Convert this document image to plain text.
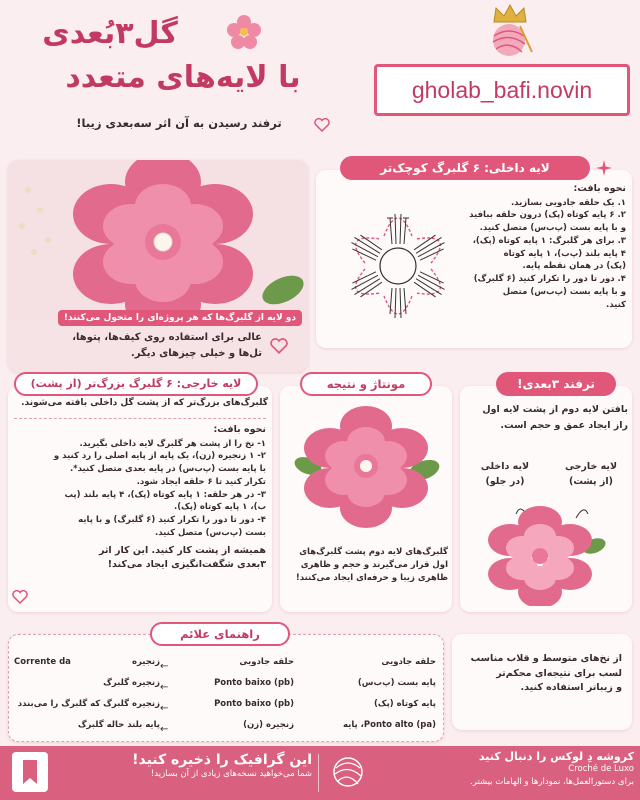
گل۳بُعدی
با لایه‌های متعدد
ترفند رسیدن به آن اثر سه‌بعدی زیبا!
gholab_bafi.novin
دو لایه از گلبرگ‌ها که هر پروژه‌ای را متحول می‌کنند!
عالی برای استفاده روی کیف‌ها، پتوها،
تل‌ها و خیلی چیزهای دیگر.
لایه داخلی: ۶ گلبرگ کوچک‌تر
نحوه بافت:
۱. یک حلقه جادویی بسازید.
۲. ۶ پایه کوتاه (پک) درون حلقه ببافید
و با پایه بست (پ‌ب‌س) متصل کنید.
۳. برای هر گلبرگ: ۱ پایه کوتاه (پک)،
۴ پایه بلند (پ‌ب)، ۱ پایه کوتاه
(پک) در همان نقطه پایه.
۴. دور تا دور را تکرار کنید (۶ گلبرگ)
و با پایه بست (پ‌ب‌س) متصل
کنید.
لایه خارجی: ۶ گلبرگ بزرگ‌تر (از پشت)
گلبرگ‌های بزرگ‌تر که از پشت گل داخلی بافته می‌شوند.
نحوه بافت:
۱- نخ را از پشت هر گلبرگ لایه داخلی بگیرید.
۲- ۱ زنجیره (زن)، یک پایه از پایه اصلی را رد کنید و
با پایه بست (پ‌ب‌س) در پایه بعدی متصل کنید*.
تکرار کنید تا ۶ حلقه ایجاد شود.
۳- در هر حلقه: ۱ پایه کوتاه (پک)، ۴ پایه بلند (پب
ب)، ۱ پایه کوتاه (پک).
۴- دور تا دور را تکرار کنید (۶ گلبرگ) و با پایه
بست (پ‌ب‌س) متصل کنید.
همیشه از پشت کار کنید. این کار اثر
۳بعدی شگفت‌انگیزی ایجاد می‌کند!
مونتاژ و نتیجه
گلبرگ‌های لایه دوم پشت گلبرگ‌های
اول قرار می‌گیرند و حجم و ظاهری
ظاهری زیبا و حرفه‌ای ایجاد می‌کنند!
ترفند ۳بعدی!
بافتن لایه دوم از پشت لایه اول
راز ایجاد عمق و حجم است.
لایه خارجی
(از پشت)
لایه داخلی
(در جلو)
راهنمای علائم
حلقه جادویی
پایه بست (پ‌ب‌س)
پایه کوتاه (پک)
Ponto alto (pa)، پایه
حلقه جادویی
Ponto baixo (pb)
Ponto baixo (pb)
زنجیره (زن)
←
←
←
←
Corrente da	زنجیره
زنجیره گلبرگ
زنجیره گلبرگ که گلبرگ را می‌بندد
پایه بلند حاله گلبرگ
از نخ‌های متوسط و قلاب مناسب
لسب برای نتیجه‌ای محکم‌تر
و زیباتر استفاده کنید.
این گرافیک را ذخیره کنید!
شما می‌خواهید نسخه‌های زیادی از آن بسازید!
کروشه دِ لوکس را دنبال کنید
Croché de Luxo
برای دستورالعمل‌ها، نمودارها و الهامات بیشتر.
